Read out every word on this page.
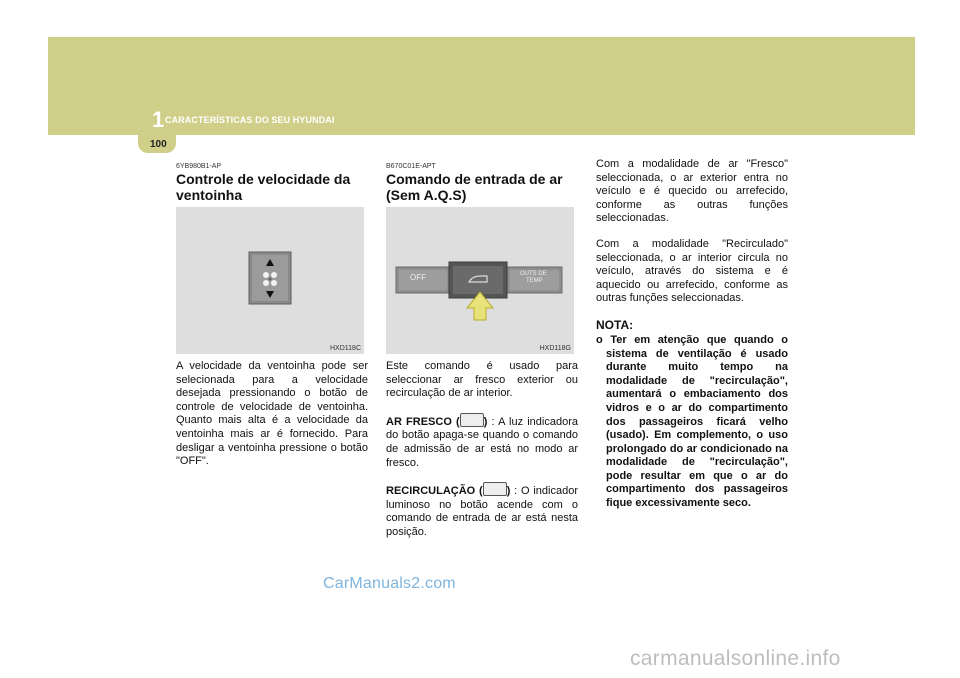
1 CARACTERÍSTICAS DO SEU HYUNDAI
100
6YB980B1-AP
Controle de velocidade da ventoinha
HXD118C

A velocidade da ventoinha pode ser selecionada para a velocidade desejada pressionando o botão de controle de velocidade de ventoinha. Quanto mais alta é a velocidade da ventoinha mais ar é fornecido. Para desligar a ventoinha pressione o botão "OFF".

B670C01E-APT
Comando de entrada de ar (Sem A.Q.S)
OFF	OUTS DE
TEMP
HXD118G

Este comando é usado para seleccionar ar fresco exterior ou recirculação de ar interior.

AR FRESCO ( ) : A luz indicadora do botão apaga-se quando o comando de admissão de ar está no modo ar fresco.

RECIRCULAÇÃO ( ) : O indicador luminoso no botão acende com o comando de entrada de ar está nesta posição.

Com a modalidade de ar "Fresco" seleccionada, o ar exterior entra no veículo e é quecido ou arrefecido, conforme as outras funções seleccionadas.

Com a modalidade "Recirculado" seleccionada, o ar interior circula no veículo, através do sistema e é aquecido ou arrefecido, conforme as outras funções seleccionadas.

NOTA:
o Ter em atenção que quando o sistema de ventilação é usado durante muito tempo na modalidade de "recirculação", aumentará o embaciamento dos vidros e o ar do compartimento dos passageiros ficará velho (usado). Em complemento, o uso prolongado do ar condicionado na modalidade de "recirculação", pode resultar em que o ar do compartimento dos passageiros fique excessivamente seco.
CarManuals2.com
carmanualsonline.info
